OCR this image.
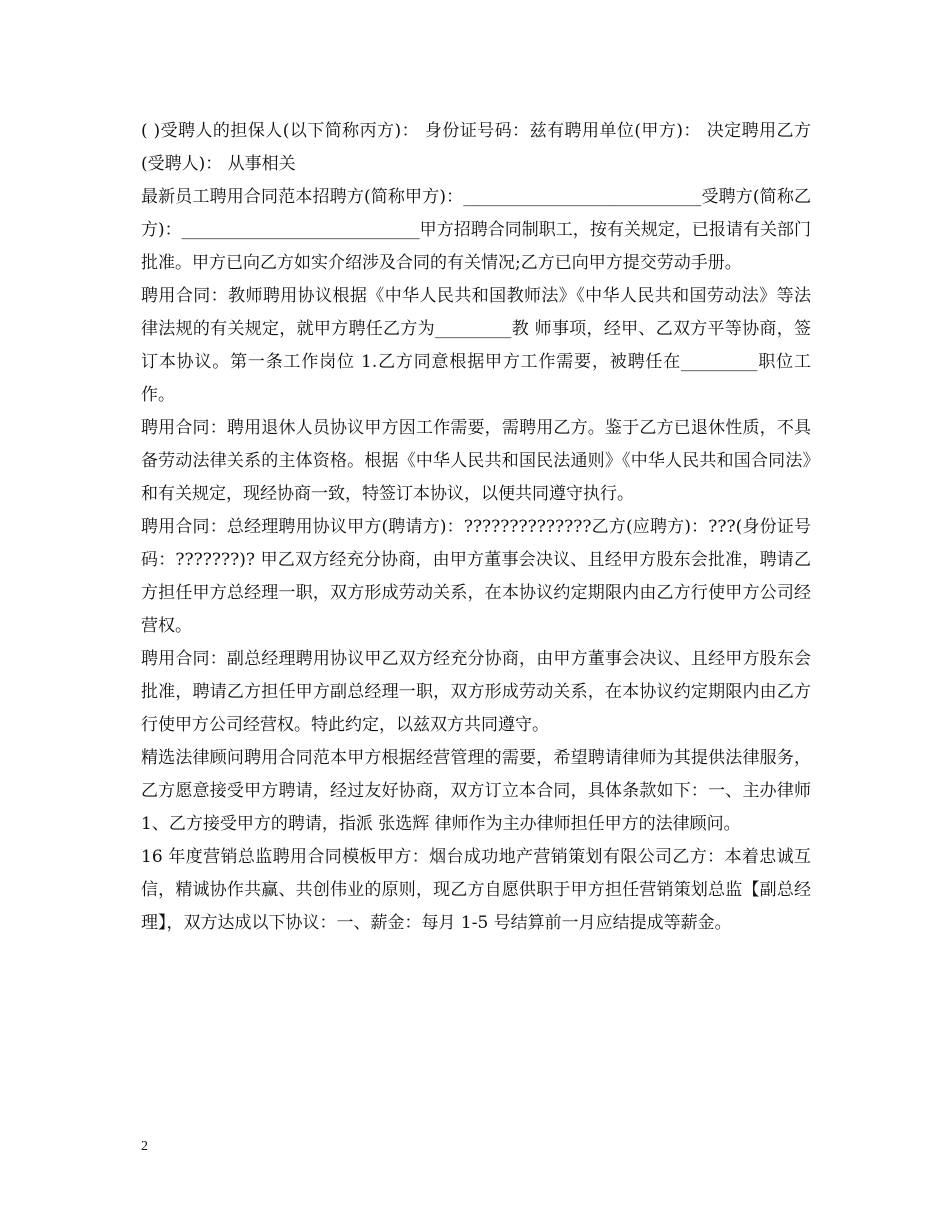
( )受聘人的担保人(以下简称丙方)： 身份证号码：兹有聘用单位(甲方)： 决定聘用乙方(受聘人)： 从事相关

最新员工聘用合同范本招聘方(简称甲方)：____________________________受聘方(简称乙方)：____________________________甲方招聘合同制职工，按有关规定，已报请有关部门批准。甲方已向乙方如实介绍涉及合同的有关情况;乙方已向甲方提交劳动手册。

聘用合同：教师聘用协议根据《中华人民共和国教师法》《中华人民共和国劳动法》等法律法规的有关规定，就甲方聘任乙方为_________教 师事项，经甲、乙双方平等协商，签订本协议。第一条工作岗位 1.乙方同意根据甲方工作需要，被聘任在_________职位工作。

聘用合同：聘用退休人员协议甲方因工作需要，需聘用乙方。鉴于乙方已退休性质，不具备劳动法律关系的主体资格。根据《中华人民共和国民法通则》《中华人民共和国合同法》和有关规定，现经协商一致，特签订本协议，以便共同遵守执行。

聘用合同：总经理聘用协议甲方(聘请方)：??????????????乙方(应聘方)：???(身份证号码：???????)? 甲乙双方经充分协商，由甲方董事会决议、且经甲方股东会批准，聘请乙方担任甲方总经理一职，双方形成劳动关系，在本协议约定期限内由乙方行使甲方公司经营权。

聘用合同：副总经理聘用协议甲乙双方经充分协商，由甲方董事会决议、且经甲方股东会批准，聘请乙方担任甲方副总经理一职，双方形成劳动关系，在本协议约定期限内由乙方行使甲方公司经营权。特此约定，以兹双方共同遵守。

精选法律顾问聘用合同范本甲方根据经营管理的需要，希望聘请律师为其提供法律服务，乙方愿意接受甲方聘请，经过友好协商，双方订立本合同，具体条款如下：一、主办律师 1、乙方接受甲方的聘请，指派 张选辉 律师作为主办律师担任甲方的法律顾问。

16 年度营销总监聘用合同模板甲方：烟台成功地产营销策划有限公司乙方：本着忠诚互信，精诚协作共赢、共创伟业的原则，现乙方自愿供职于甲方担任营销策划总监【副总经理】，双方达成以下协议：一、薪金：每月 1-5 号结算前一月应结提成等薪金。

2
